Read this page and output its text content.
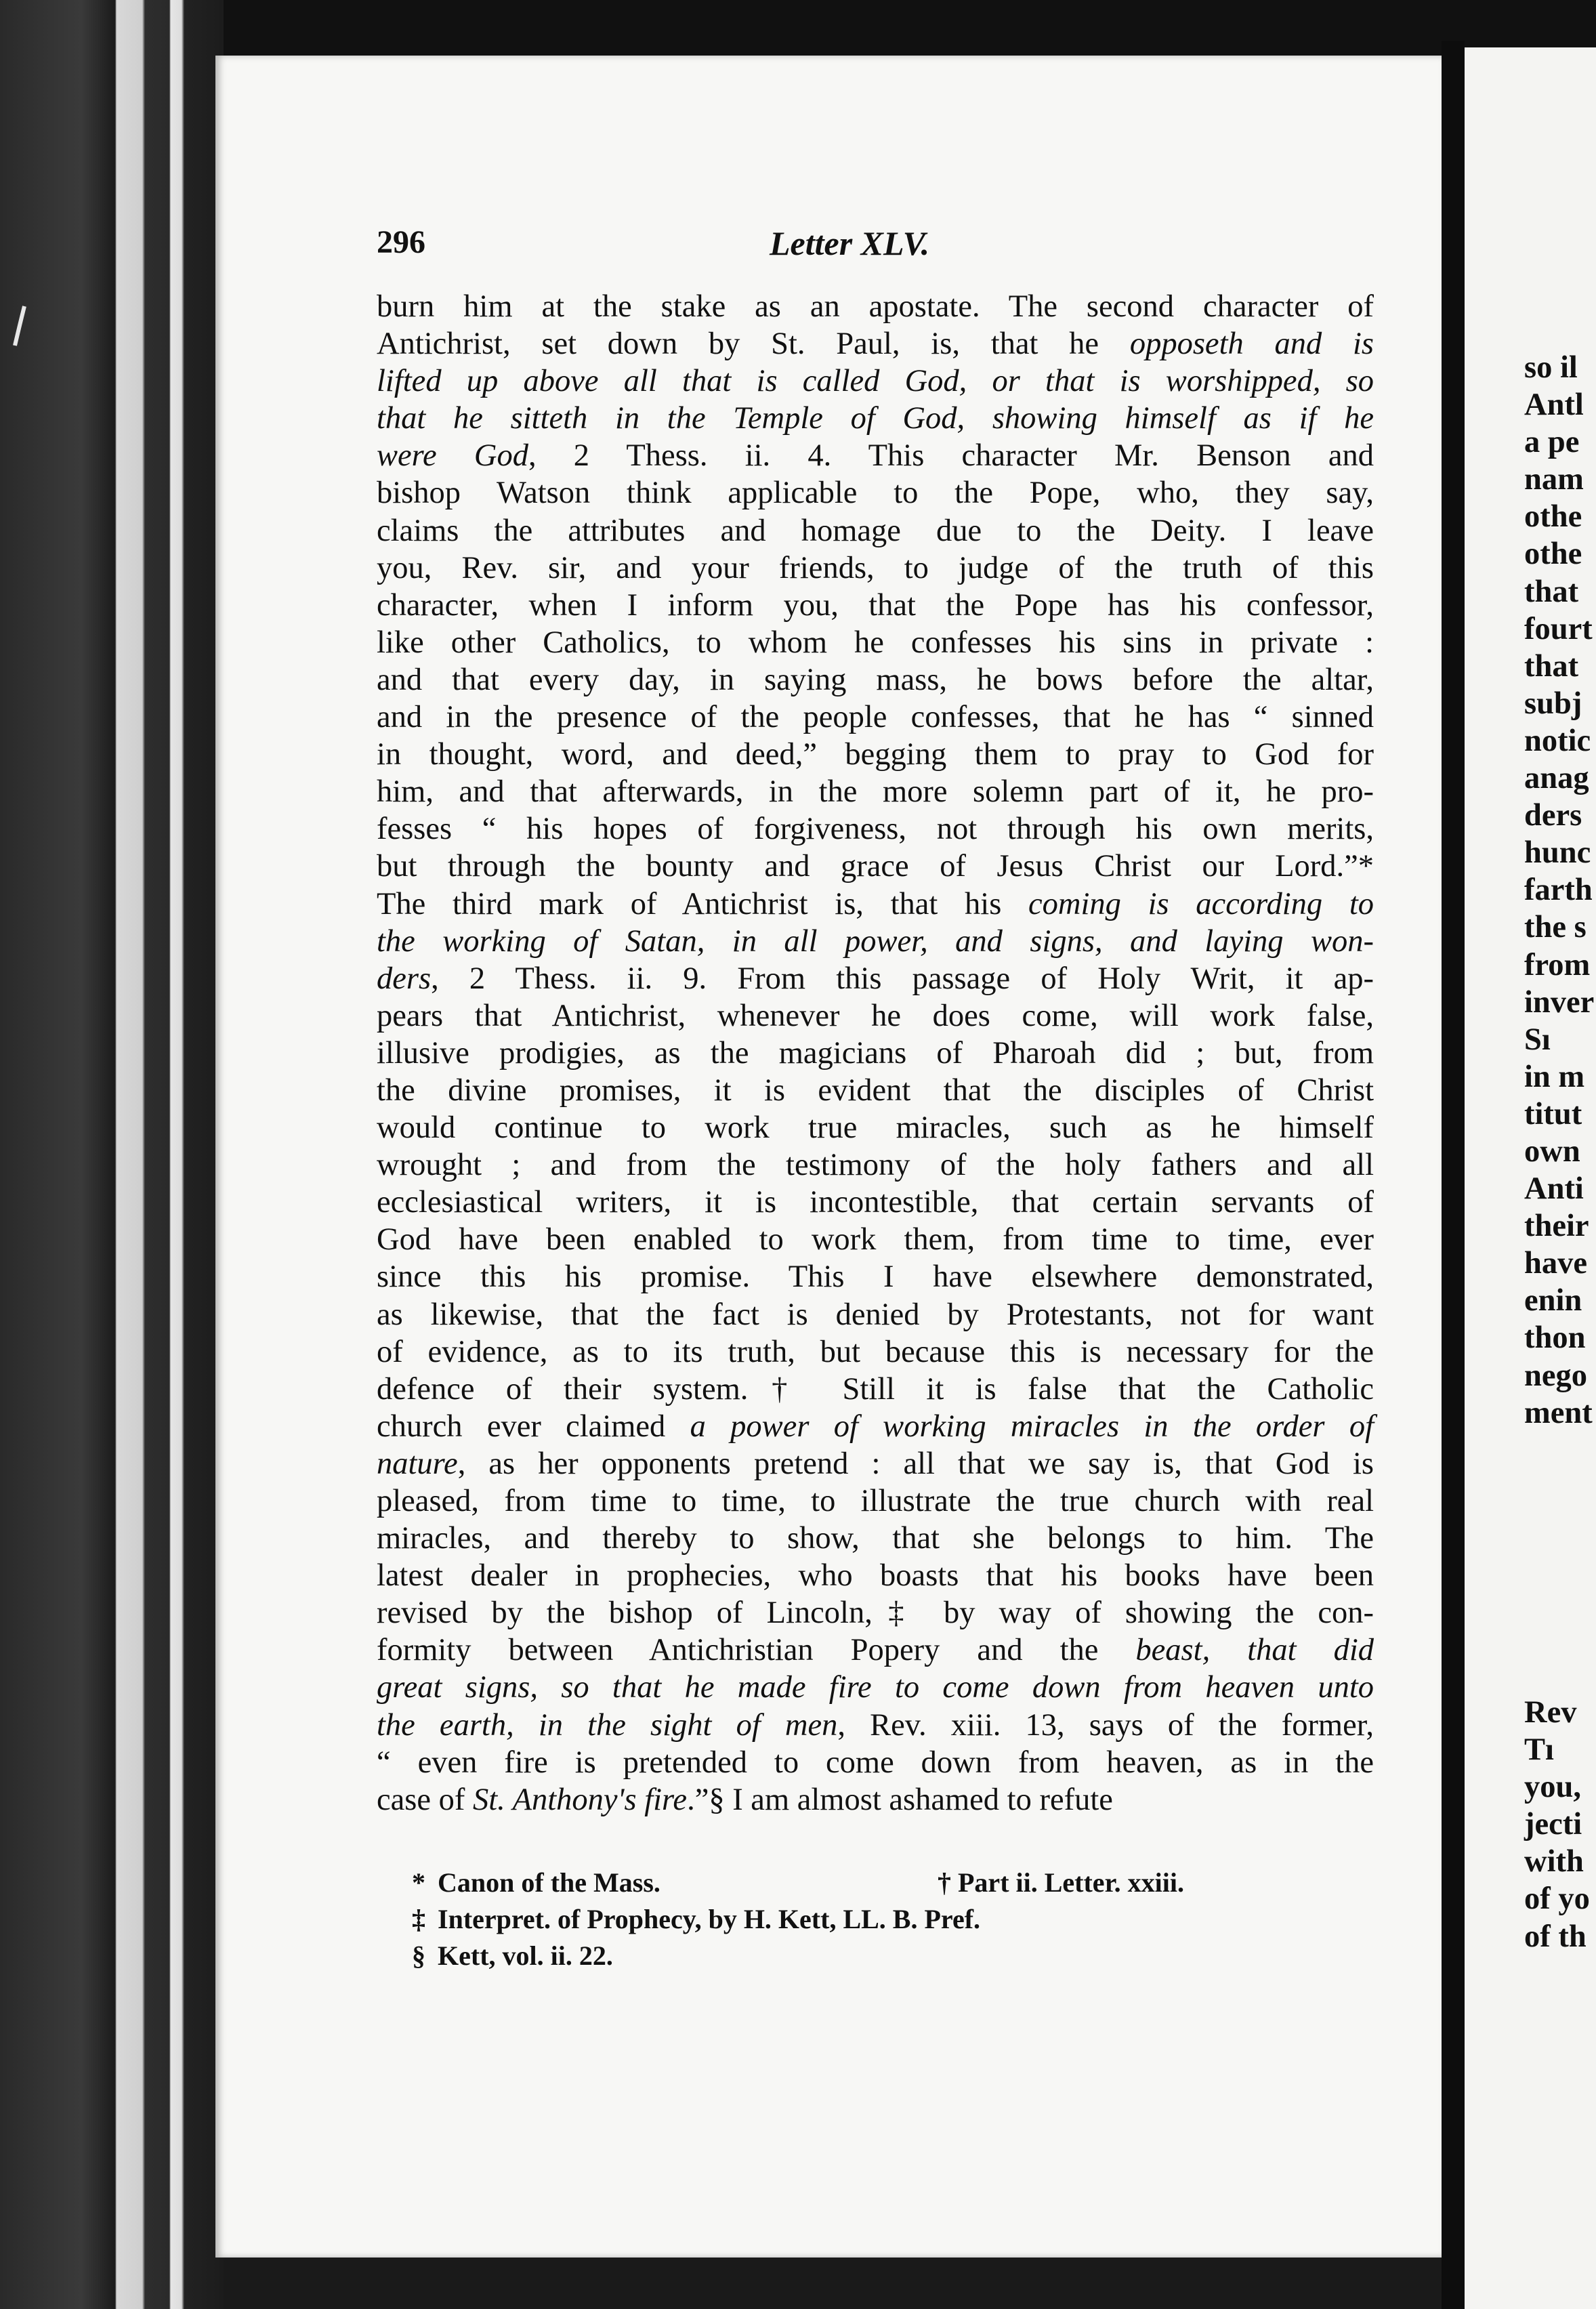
296	Letter XLV.
burn him at the stake as an apostate. The second character of
Antichrist, set down by St. Paul, is, that he opposeth and is
lifted up above all that is called God, or that is worshipped, so
that he sitteth in the Temple of God, showing himself as if he
were God, 2 Thess. ii. 4. This character Mr. Benson and
bishop Watson think applicable to the Pope, who, they say,
claims the attributes and homage due to the Deity. I leave
you, Rev. sir, and your friends, to judge of the truth of this
character, when I inform you, that the Pope has his confessor,
like other Catholics, to whom he confesses his sins in private :
and that every day, in saying mass, he bows before the altar,
and in the presence of the people confesses, that he has “ sinned
in thought, word, and deed,” begging them to pray to God for
him, and that afterwards, in the more solemn part of it, he pro-
fesses “ his hopes of forgiveness, not through his own merits,
but through the bounty and grace of Jesus Christ our Lord.”*
The third mark of Antichrist is, that his coming is according to
the working of Satan, in all power, and signs, and laying won-
ders, 2 Thess. ii. 9. From this passage of Holy Writ, it ap-
pears that Antichrist, whenever he does come, will work false,
illusive prodigies, as the magicians of Pharoah did ; but, from
the divine promises, it is evident that the disciples of Christ
would continue to work true miracles, such as he himself
wrought ; and from the testimony of the holy fathers and all
ecclesiastical writers, it is incontestible, that certain servants of
God have been enabled to work them, from time to time, ever
since this his promise. This I have elsewhere demonstrated,
as likewise, that the fact is denied by Protestants, not for want
of evidence, as to its truth, but because this is necessary for the
defence of their system.† Still it is false that the Catholic
church ever claimed a power of working miracles in the order of
nature, as her opponents pretend : all that we say is, that God is
pleased, from time to time, to illustrate the true church with real
miracles, and thereby to show, that she belongs to him. The
latest dealer in prophecies, who boasts that his books have been
revised by the bishop of Lincoln,‡ by way of showing the con-
formity between Antichristian Popery and the beast, that did
great signs, so that he made fire to come down from heaven unto
the earth, in the sight of men, Rev. xiii. 13, says of the former,
“ even fire is pretended to come down from heaven, as in the
case of St. Anthony's fire.”§ I am almost ashamed to refute
* Canon of the Mass.	† Part ii. Letter. xxiii.
‡ Interpret. of Prophecy, by H. Kett, LL. B. Pref.
§ Kett, vol. ii. 22.
so il
Antl
a pe
nam
othe
othe
that
fourt
that
subj
notic
anag
ders
hunc
farth
the s
from
inver
Sı
in m
titut
own
Anti
their
have
enin
thon
nego
ment
Rev
Tı
you,
jecti
with
of yo
of th
